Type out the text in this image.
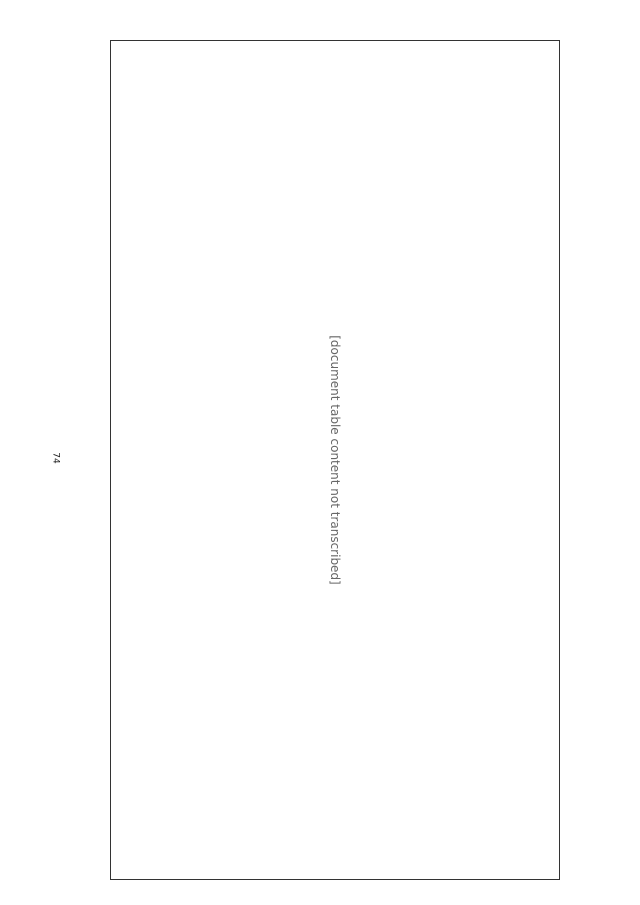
74	[document table content not transcribed]
